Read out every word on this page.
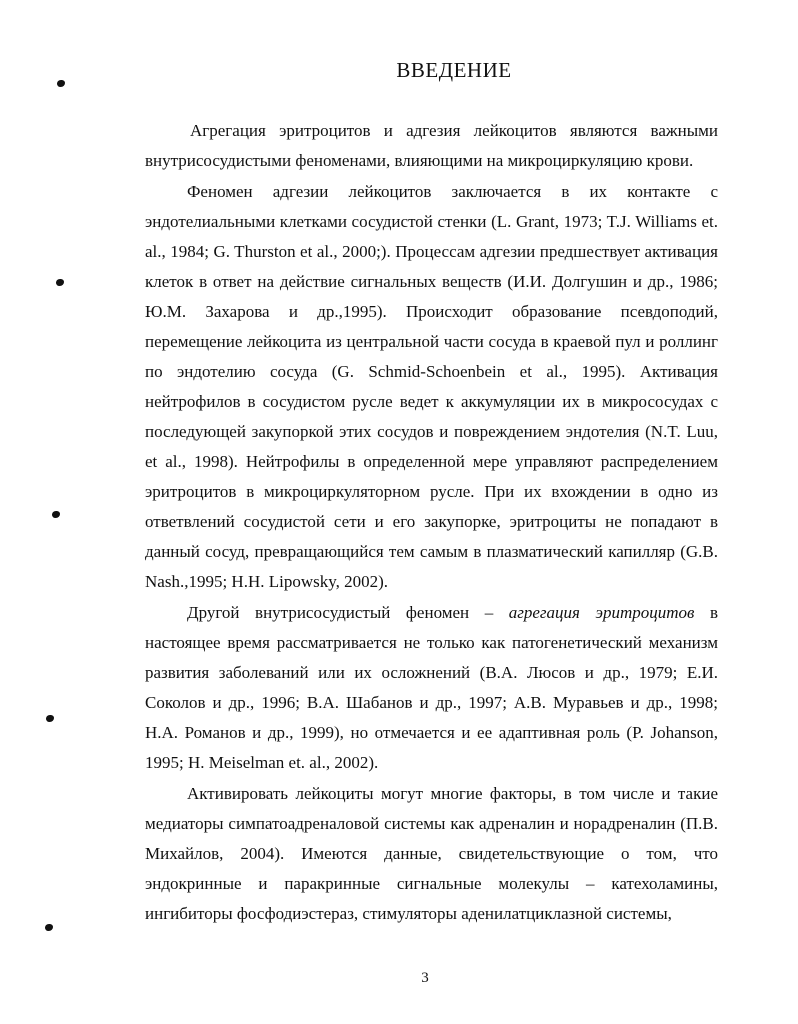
ВВЕДЕНИЕ

Агрегация эритроцитов и адгезия лейкоцитов являются важными внутрисосудистыми феноменами, влияющими на микроциркуляцию крови.

Феномен адгезии лейкоцитов заключается в их контакте с эндотелиальными клетками сосудистой стенки (L. Grant, 1973; T.J. Williams et. al., 1984; G. Thurston et al., 2000;). Процессам адгезии предшествует активация клеток в ответ на действие сигнальных веществ (И.И. Долгушин и др., 1986; Ю.М. Захарова и др.,1995). Происходит образование псевдоподий, перемещение лейкоцита из центральной части сосуда в краевой пул и роллинг по эндотелию сосуда (G. Schmid-Schoenbein et al., 1995). Активация нейтрофилов в сосудистом русле ведет к аккумуляции их в микрососудах с последующей закупоркой этих сосудов и повреждением эндотелия (N.T. Luu, et al., 1998). Нейтрофилы в определенной мере управляют распределением эритроцитов в микроциркуляторном русле. При их вхождении в одно из ответвлений сосудистой сети и его закупорке, эритроциты не попадают в данный сосуд, превращающийся тем самым в плазматический капилляр (G.B. Nash.,1995; H.H. Lipowsky, 2002).

Другой внутрисосудистый феномен – агрегация эритроцитов в настоящее время рассматривается не только как патогенетический механизм развития заболеваний или их осложнений (В.А. Люсов и др., 1979; Е.И. Соколов и др., 1996; В.А. Шабанов и др., 1997; А.В. Муравьев и др., 1998; Н.А. Романов и др., 1999), но отмечается и ее адаптивная роль (P. Johanson, 1995; H. Meiselman et. al., 2002).

Активировать лейкоциты могут многие факторы, в том числе и такие медиаторы симпатоадреналовой системы как адреналин и норадреналин (П.В. Михайлов, 2004). Имеются данные, свидетельствующие о том, что эндокринные и паракринные сигнальные молекулы – катехоламины, ингибиторы фосфодиэстераз, стимуляторы аденилатциклазной системы,

3
